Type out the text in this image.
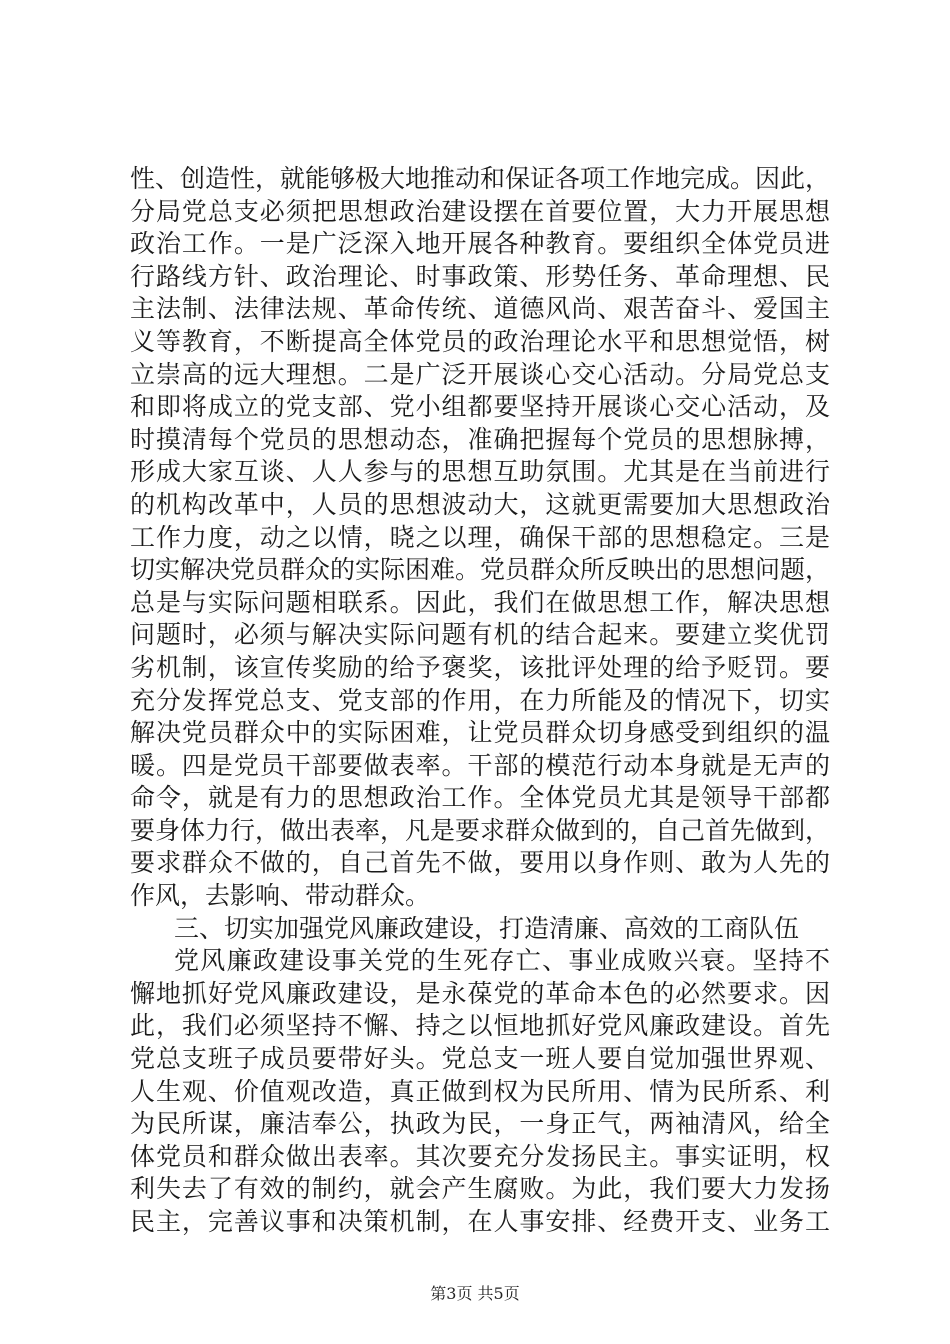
性、创造性，就能够极大地推动和保证各项工作地完成。因此，
分局党总支必须把思想政治建设摆在首要位置，大力开展思想
政治工作。一是广泛深入地开展各种教育。要组织全体党员进
行路线方针、政治理论、时事政策、形势任务、革命理想、民
主法制、法律法规、革命传统、道德风尚、艰苦奋斗、爱国主
义等教育，不断提高全体党员的政治理论水平和思想觉悟，树
立崇高的远大理想。二是广泛开展谈心交心活动。分局党总支
和即将成立的党支部、党小组都要坚持开展谈心交心活动，及
时摸清每个党员的思想动态，准确把握每个党员的思想脉搏，
形成大家互谈、人人参与的思想互助氛围。尤其是在当前进行
的机构改革中，人员的思想波动大，这就更需要加大思想政治
工作力度，动之以情，晓之以理，确保干部的思想稳定。三是
切实解决党员群众的实际困难。党员群众所反映出的思想问题，
总是与实际问题相联系。因此，我们在做思想工作，解决思想
问题时，必须与解决实际问题有机的结合起来。要建立奖优罚
劣机制，该宣传奖励的给予褒奖，该批评处理的给予贬罚。要
充分发挥党总支、党支部的作用，在力所能及的情况下，切实
解决党员群众中的实际困难，让党员群众切身感受到组织的温
暖。四是党员干部要做表率。干部的模范行动本身就是无声的
命令，就是有力的思想政治工作。全体党员尤其是领导干部都
要身体力行，做出表率，凡是要求群众做到的，自己首先做到，
要求群众不做的，自己首先不做，要用以身作则、敢为人先的
作风，去影响、带动群众。
三、切实加强党风廉政建设，打造清廉、高效的工商队伍
党风廉政建设事关党的生死存亡、事业成败兴衰。坚持不
懈地抓好党风廉政建设，是永葆党的革命本色的必然要求。因
此，我们必须坚持不懈、持之以恒地抓好党风廉政建设。首先
党总支班子成员要带好头。党总支一班人要自觉加强世界观、
人生观、价值观改造，真正做到权为民所用、情为民所系、利
为民所谋，廉洁奉公，执政为民，一身正气，两袖清风，给全
体党员和群众做出表率。其次要充分发扬民主。事实证明，权
利失去了有效的制约，就会产生腐败。为此，我们要大力发扬
民主，完善议事和决策机制，在人事安排、经费开支、业务工
第3页 共5页
